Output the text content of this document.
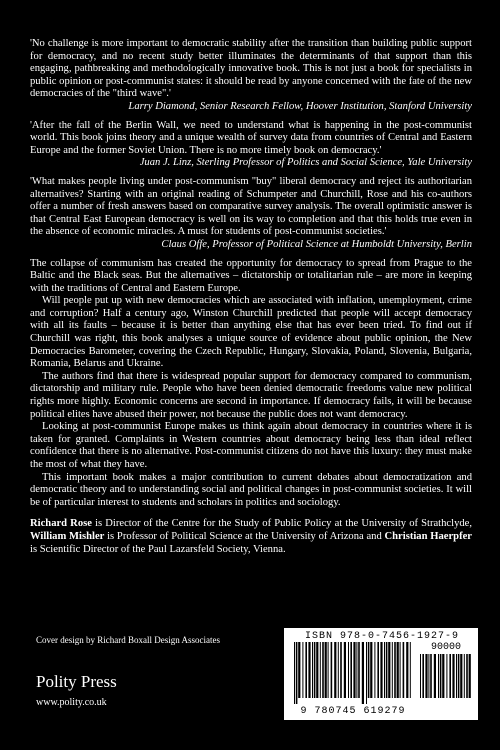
'No challenge is more important to democratic stability after the transition than building public support for democracy, and no recent study better illuminates the determinants of that support than this engaging, pathbreaking and methodologically innovative book. This is not just a book for specialists in public opinion or post-communist states: it should be read by anyone concerned with the fate of the new democracies of the "third wave".'

Larry Diamond, Senior Research Fellow, Hoover Institution, Stanford University

'After the fall of the Berlin Wall, we need to understand what is happening in the post-communist world. This book joins theory and a unique wealth of survey data from countries of Central and Eastern Europe and the former Soviet Union. There is no more timely book on democracy.'

Juan J. Linz, Sterling Professor of Politics and Social Science, Yale University

'What makes people living under post-communism "buy" liberal democracy and reject its authoritarian alternatives? Starting with an original reading of Schumpeter and Churchill, Rose and his co-authors offer a number of fresh answers based on comparative survey analysis. The overall optimistic answer is that Central East European democracy is well on its way to completion and that this holds true even in the absence of economic miracles. A must for students of post-communist societies.'

Claus Offe, Professor of Political Science at Humboldt University, Berlin

The collapse of communism has created the opportunity for democracy to spread from Prague to the Baltic and the Black seas. But the alternatives – dictatorship or totalitarian rule – are more in keeping with the traditions of Central and Eastern Europe.

Will people put up with new democracies which are associated with inflation, unemployment, crime and corruption? Half a century ago, Winston Churchill predicted that people will accept democracy with all its faults – because it is better than anything else that has ever been tried. To find out if Churchill was right, this book analyses a unique source of evidence about public opinion, the New Democracies Barometer, covering the Czech Republic, Hungary, Slovakia, Poland, Slovenia, Bulgaria, Romania, Belarus and Ukraine.

The authors find that there is widespread popular support for democracy compared to communism, dictatorship and military rule. People who have been denied democratic freedoms value new political rights more highly. Economic concerns are second in importance. If democracy fails, it will be because political elites have abused their power, not because the public does not want democracy.

Looking at post-communist Europe makes us think again about democracy in countries where it is taken for granted. Complaints in Western countries about democracy being less than ideal reflect confidence that there is no alternative. Post-communist citizens do not have this luxury: they must make the most of what they have.

This important book makes a major contribution to current debates about democratization and democratic theory and to understanding social and political changes in post-communist societies. It will be of particular interest to students and scholars in politics and sociology.

Richard Rose is Director of the Centre for the Study of Public Policy at the University of Strathclyde, William Mishler is Professor of Political Science at the University of Arizona and Christian Haerpfer is Scientific Director of the Paul Lazarsfeld Society, Vienna.

Cover design by Richard Boxall Design Associates
Polity Press
www.polity.co.uk
ISBN 978-0-7456-1927-9
90000
9 780745 619279
